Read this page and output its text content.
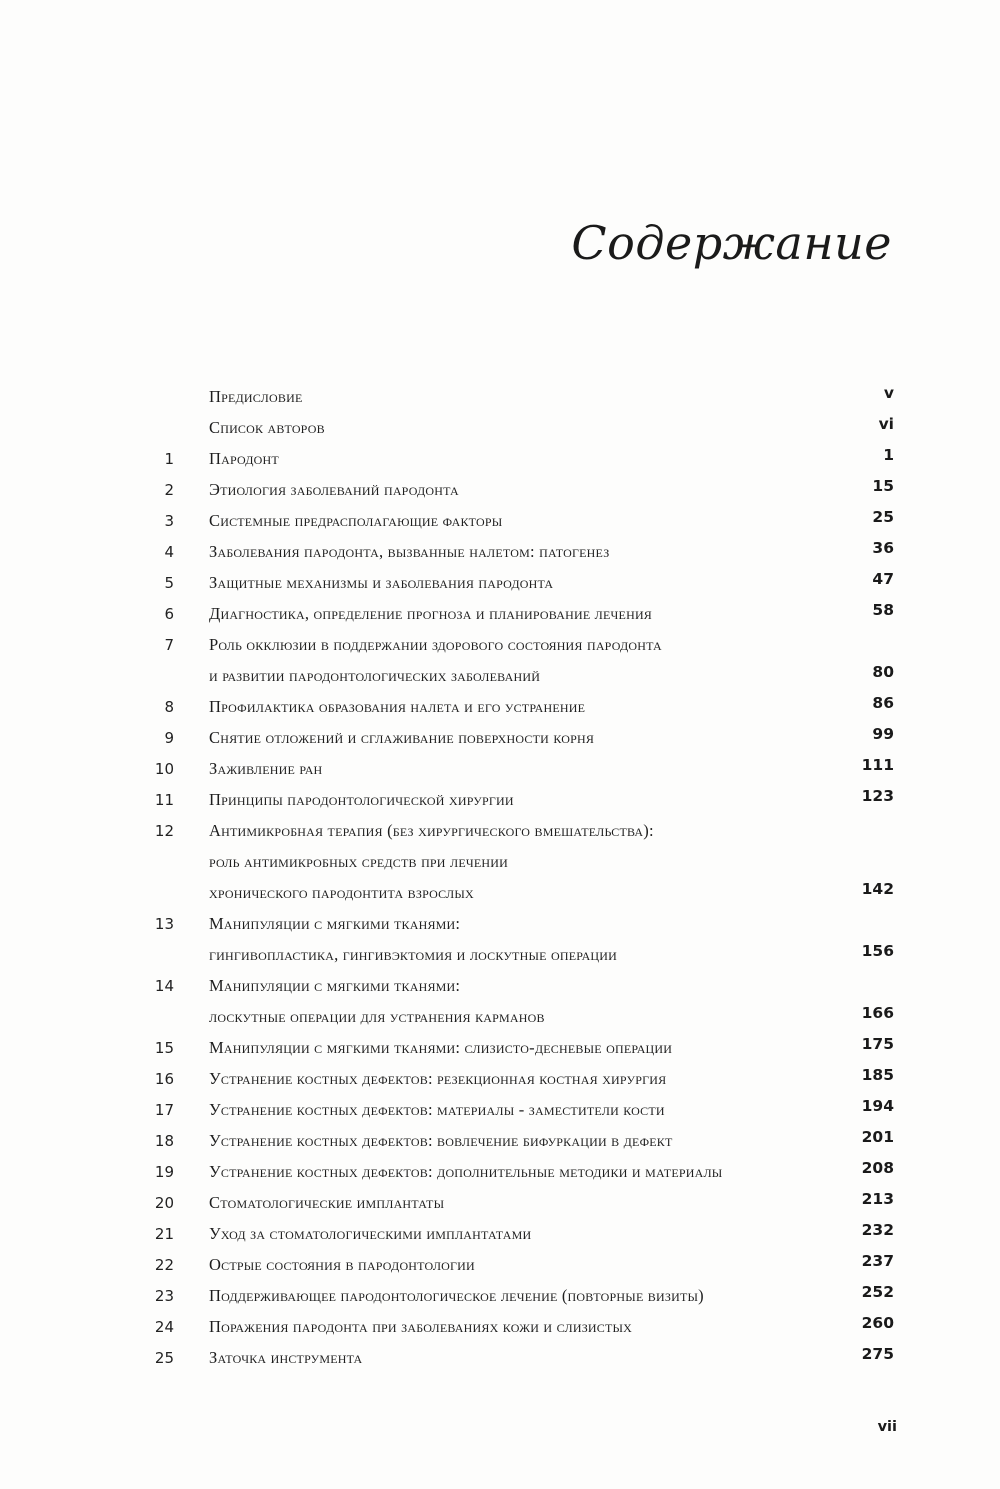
Содержание
Предисловие	v
Список авторов	vi
1 Пародонт	1
2 Этиология заболеваний пародонта	15
3 Системные предрасполагающие факторы	25
4 Заболевания пародонта, вызванные налетом: патогенез	36
5 Защитные механизмы и заболевания пародонта	47
6 Диагностика, определение прогноза и планирование лечения	58
7 Роль окклюзии в поддержании здорового состояния пародонта
и развитии пародонтологических заболеваний	80
8 Профилактика образования налета и его устранение	86
9 Снятие отложений и сглаживание поверхности корня	99
10 Заживление ран	111
11 Принципы пародонтологической хирургии	123
12 Антимикробная терапия (без хирургического вмешательства):
роль антимикробных средств при лечении
хронического пародонтита взрослых	142
13 Манипуляции с мягкими тканями:
гингивопластика, гингивэктомия и лоскутные операции	156
14 Манипуляции с мягкими тканями:
лоскутные операции для устранения карманов	166
15 Манипуляции с мягкими тканями: слизисто-десневые операции	175
16 Устранение костных дефектов: резекционная костная хирургия	185
17 Устранение костных дефектов: материалы - заместители кости	194
18 Устранение костных дефектов: вовлечение бифуркации в дефект	201
19 Устранение костных дефектов: дополнительные методики и материалы	208
20 Стоматологические имплантаты	213
21 Уход за стоматологическими имплантатами	232
22 Острые состояния в пародонтологии	237
23 Поддерживающее пародонтологическое лечение (повторные визиты)	252
24 Поражения пародонта при заболеваниях кожи и слизистых	260
25 Заточка инструмента	275
vii
